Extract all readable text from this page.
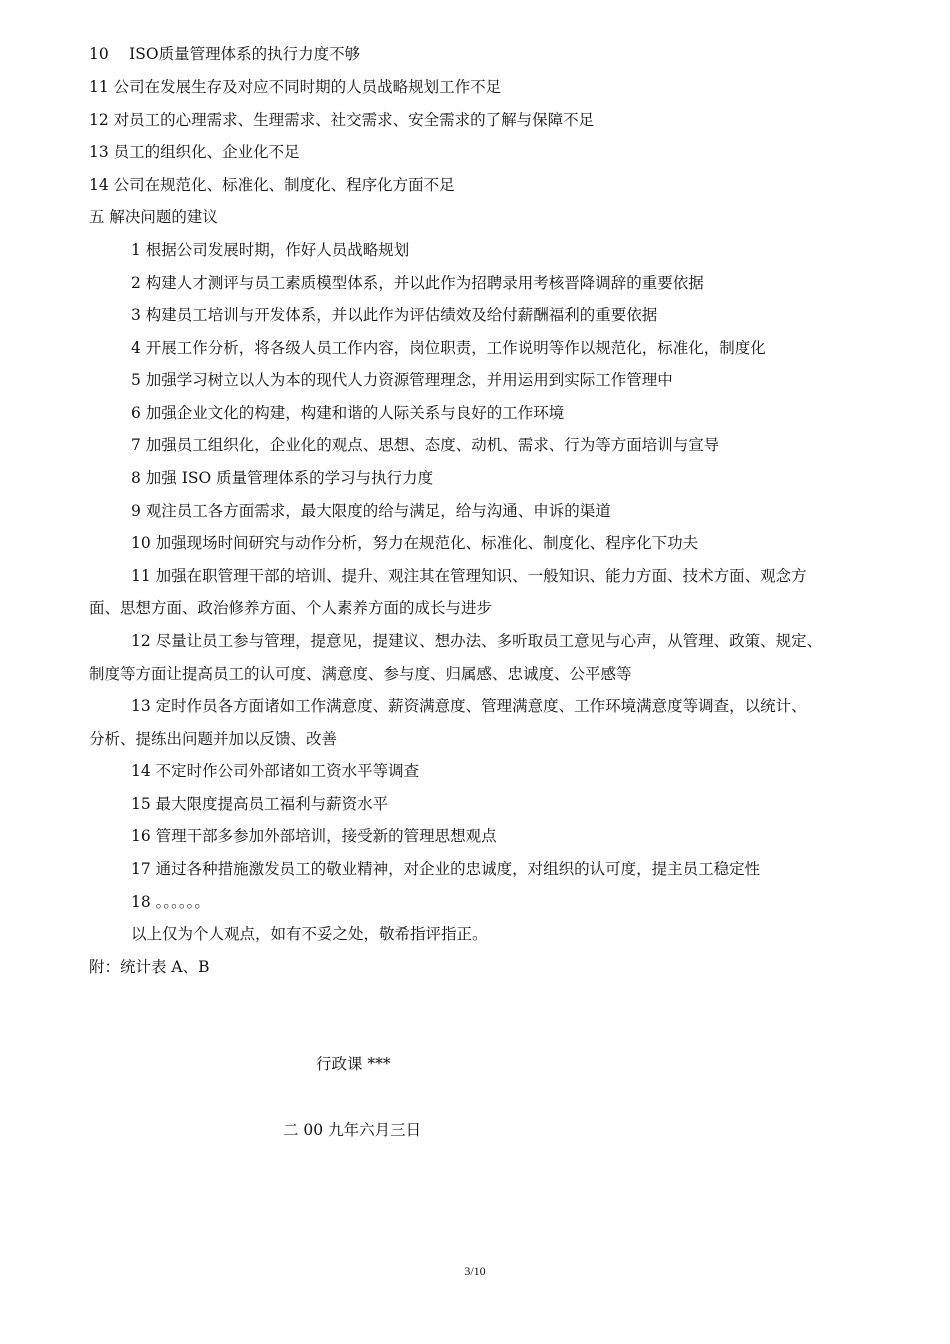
10　 ISO质量管理体系的执行力度不够
11 公司在发展生存及对应不同时期的人员战略规划工作不足
12 对员工的心理需求、生理需求、社交需求、安全需求的了解与保障不足
13 员工的组织化、企业化不足
14 公司在规范化、标准化、制度化、程序化方面不足
五 解决问题的建议
1 根据公司发展时期，作好人员战略规划
2 构建人才测评与员工素质模型体系，并以此作为招聘录用考核晋降调辞的重要依据
3 构建员工培训与开发体系，并以此作为评估绩效及给付薪酬福利的重要依据
4 开展工作分析，将各级人员工作内容，岗位职责，工作说明等作以规范化，标准化，制度化
5 加强学习树立以人为本的现代人力资源管理理念，并用运用到实际工作管理中
6 加强企业文化的构建，构建和谐的人际关系与良好的工作环境
7 加强员工组织化，企业化的观点、思想、态度、动机、需求、行为等方面培训与宣导
8 加强 ISO 质量管理体系的学习与执行力度
9 观注员工各方面需求，最大限度的给与满足，给与沟通、申诉的渠道
10 加强现场时间研究与动作分析，努力在规范化、标准化、制度化、程序化下功夫
11 加强在职管理干部的培训、提升、观注其在管理知识、一般知识、能力方面、技术方面、观念方
面、思想方面、政治修养方面、个人素养方面的成长与进步
12 尽量让员工参与管理，提意见，提建议、想办法、多听取员工意见与心声，从管理、政策、规定、
制度等方面让提高员工的认可度、满意度、参与度、归属感、忠诚度、公平感等
13 定时作员各方面诸如工作满意度、薪资满意度、管理满意度、工作环境满意度等调查，以统计、
分析、提练出问题并加以反馈、改善
14 不定时作公司外部诸如工资水平等调查
15 最大限度提高员工福利与薪资水平
16 管理干部多参加外部培训，接受新的管理思想观点
17 通过各种措施激发员工的敬业精神，对企业的忠诚度，对组织的认可度，提主员工稳定性
18 。。。。。。
以上仅为个人观点，如有不妥之处，敬希指评指正。
附：统计表 A、B
行政课 ***
二 00 九年六月三日
3/10
